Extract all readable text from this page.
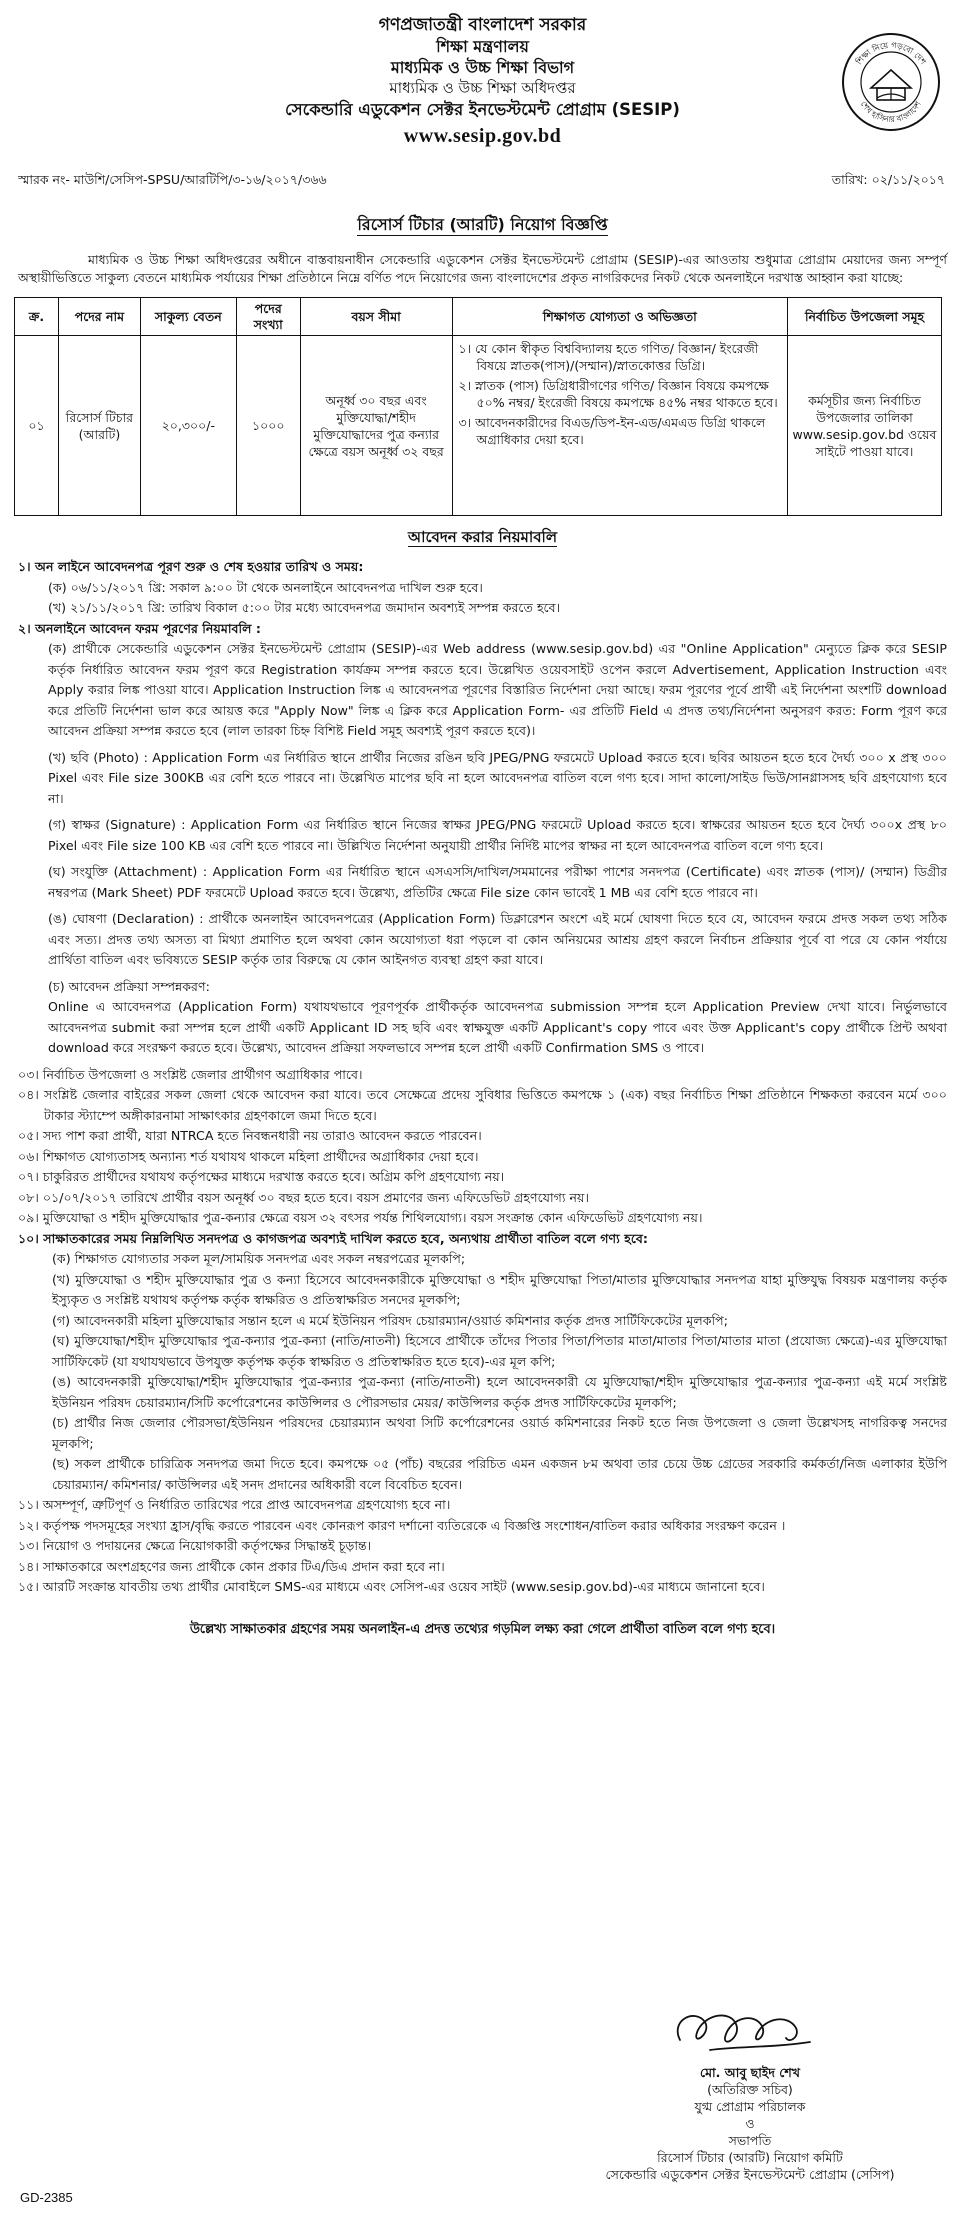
গণপ্রজাতন্ত্রী বাংলাদেশ সরকার
শিক্ষা মন্ত্রণালয়
মাধ্যমিক ও উচ্চ শিক্ষা বিভাগ
মাধ্যমিক ও উচ্চ শিক্ষা অধিদপ্তর
সেকেন্ডারি এডুকেশন সেক্টর ইনভেস্টমেন্ট প্রোগ্রাম (SESIP)
www.sesip.gov.bd
শিক্ষা নিয়ে গড়বো দেশ
শেখ হাসিনার বাংলাদেশ
স্মারক নং- মাউশি/সেসিপ-SPSU/আরটিপি/৩-১৬/২০১৭/৩৬৬	তারিখ: ০২/১১/২০১৭
রিসোর্স টিচার (আরটি) নিয়োগ বিজ্ঞপ্তি

মাধ্যমিক ও উচ্চ শিক্ষা অধিদপ্তরের অধীনে বাস্তবায়নাধীন সেকেন্ডারি এডুকেশন সেক্টর ইনভেস্টমেন্ট প্রোগ্রাম (SESIP)-এর আওতায় শুধুমাত্র প্রোগ্রাম মেয়াদের জন্য সম্পূর্ণ অস্থায়ীভিত্তিতে সাকুল্য বেতনে মাধ্যমিক পর্যায়ের শিক্ষা প্রতিষ্ঠানে নিম্নে বর্ণিত পদে নিয়োগের জন্য বাংলাদেশের প্রকৃত নাগরিকদের নিকট থেকে অনলাইনে দরখাস্ত আহ্বান করা যাচ্ছে:

ক্র.	পদের নাম	সাকুল্য বেতন	পদের সংখ্যা	বয়স সীমা	শিক্ষাগত যোগ্যতা ও অভিজ্ঞতা	নির্বাচিত উপজেলা সমূহ
০১	রিসোর্স টিচার (আরটি)	২০,৩০০/-	১০০০	অনূর্ধ্ব ৩০ বছর এবং মুক্তিযোদ্ধা/শহীদ মুক্তিযোদ্ধাদের পুত্র কন্যার ক্ষেত্রে বয়স অনূর্ধ্ব ৩২ বছর	১। যে কোন স্বীকৃত বিশ্ববিদ্যালয় হতে গণিত/ বিজ্ঞান/ ইংরেজী বিষয়ে স্নাতক(পাস)/(সম্মান)/স্নাতকোত্তর ডিগ্রি।
২। স্নাতক (পাস) ডিগ্রিধারীগণের গণিত/ বিজ্ঞান বিষয়ে কমপক্ষে ৫০% নম্বর/ ইংরেজী বিষয়ে কমপক্ষে ৪৫% নম্বর থাকতে হবে।
৩। আবেদনকারীদের বিএড/ডিপ-ইন-এড/এমএড ডিগ্রি থাকলে অগ্রাধিকার দেয়া হবে।	কর্মসূচীর জন্য নির্বাচিত উপজেলার তালিকা www.sesip.gov.bd ওয়েব সাইটে পাওয়া যাবে।
আবেদন করার নিয়মাবলি
১। অন লাইনে আবেদনপত্র পূরণ শুরু ও শেষ হওয়ার তারিখ ও সময়:
(ক) ০৬/১১/২০১৭ খ্রি: সকাল ৯:০০ টা থেকে অনলাইনে আবেদনপত্র দাখিল শুরু হবে।
(খ) ২১/১১/২০১৭ খ্রি: তারিখ বিকাল ৫:০০ টার মধ্যে আবেদনপত্র জমাদান অবশ্যই সম্পন্ন করতে হবে।
২। অনলাইনে আবেদন ফরম পূরণের নিয়মাবলি :
(ক) প্রার্থীকে সেকেন্ডারি এডুকেশন সেক্টর ইনভেস্টমেন্ট প্রোগ্রাম (SESIP)-এর Web address (www.sesip.gov.bd) এর "Online Application" মেন্যুতে ক্লিক করে SESIP কর্তৃক নির্ধারিত আবেদন ফরম পূরণ করে Registration কার্যক্রম সম্পন্ন করতে হবে। উল্লেখিত ওয়েবসাইট ওপেন করলে Advertisement, Application Instruction এবং Apply করার লিঙ্ক পাওয়া যাবে। Application Instruction লিঙ্ক এ আবেদনপত্র পূরণের বিস্তারিত নির্দেশনা দেয়া আছে। ফরম পূরণের পূর্বে প্রার্থী এই নির্দেশনা অংশটি download করে প্রতিটি নির্দেশনা ভাল করে আয়ত্ত করে "Apply Now" লিঙ্ক এ ক্লিক করে Application Form- এর প্রতিটি Field এ প্রদত্ত তথ্য/নির্দেশনা অনুসরণ করত: Form পূরণ করে আবেদন প্রক্রিয়া সম্পন্ন করতে হবে (লাল তারকা চিহ্ন বিশিষ্ট Field সমূহ অবশ্যই পূরণ করতে হবে)।
(খ) ছবি (Photo) : Application Form এর নির্ধারিত স্থানে প্রার্থীর নিজের রঙিন ছবি JPEG/PNG ফরমেটে Upload করতে হবে। ছবির আয়তন হতে হবে দৈর্ঘ্য ৩০০ x প্রস্থ ৩০০ Pixel এবং File size 300KB এর বেশি হতে পারবে না। উল্লেখিত মাপের ছবি না হলে আবেদনপত্র বাতিল বলে গণ্য হবে। সাদা কালো/সাইড ভিউ/সানগ্লাসসহ ছবি গ্রহণযোগ্য হবে না।
(গ) স্বাক্ষর (Signature) : Application Form এর নির্ধারিত স্থানে নিজের স্বাক্ষর JPEG/PNG ফরমেটে Upload করতে হবে। স্বাক্ষরের আয়তন হতে হবে দৈর্ঘ্য ৩০০x প্রস্থ ৮০ Pixel এবং File size 100 KB এর বেশি হতে পারবে না। উল্লিখিত নির্দেশনা অনুযায়ী প্রার্থীর নির্দিষ্ট মাপের স্বাক্ষর না হলে আবেদনপত্র বাতিল বলে গণ্য হবে।
(ঘ) সংযুক্তি (Attachment) : Application Form এর নির্ধারিত স্থানে এসএসসি/দাখিল/সমমানের পরীক্ষা পাশের সনদপত্র (Certificate) এবং স্নাতক (পাস)/ (সম্মান) ডিগ্রীর নম্বরপত্র (Mark Sheet) PDF ফরমেটে Upload করতে হবে। উল্লেখ্য, প্রতিটির ক্ষেত্রে File size কোন ভাবেই 1 MB এর বেশি হতে পারবে না।
(ঙ) ঘোষণা (Declaration) : প্রার্থীকে অনলাইন আবেদনপত্রের (Application Form) ডিক্লারেশন অংশে এই মর্মে ঘোষণা দিতে হবে যে, আবেদন ফরমে প্রদত্ত সকল তথ্য সঠিক এবং সত্য। প্রদত্ত তথ্য অসত্য বা মিথ্যা প্রমাণিত হলে অথবা কোন অযোগ্যতা ধরা পড়লে বা কোন অনিয়মের আশ্রয় গ্রহণ করলে নির্বাচন প্রক্রিয়ার পূর্বে বা পরে যে কোন পর্যায়ে প্রার্থিতা বাতিল এবং ভবিষ্যতে SESIP কর্তৃক তার বিরুদ্ধে যে কোন আইনগত ব্যবস্থা গ্রহণ করা যাবে।
(চ) আবেদন প্রক্রিয়া সম্পন্নকরণ:
Online এ আবেদনপত্র (Application Form) যথাযথভাবে পূরণপূর্বক প্রার্থীকর্তৃক আবেদনপত্র submission সম্পন্ন হলে Application Preview দেখা যাবে। নির্ভুলভাবে আবেদনপত্র submit করা সম্পন্ন হলে প্রার্থী একটি Applicant ID সহ ছবি এবং স্বাক্ষযুক্ত একটি Applicant's copy পাবে এবং উক্ত Applicant's copy প্রার্থীকে প্রিন্ট অথবা download করে সংরক্ষণ করতে হবে। উল্লেখ্য, আবেদন প্রক্রিয়া সফলভাবে সম্পন্ন হলে প্রার্থী একটি Confirmation SMS ও পাবে।
০৩। নির্বাচিত উপজেলা ও সংশ্লিষ্ট জেলার প্রার্থীগণ অগ্রাধিকার পাবে।
০৪। সংশ্লিষ্ট জেলার বাইরের সকল জেলা থেকে আবেদন করা যাবে। তবে সেক্ষেত্রে প্রদেয় সুবিধার ভিত্তিতে কমপক্ষে ১ (এক) বছর নির্বাচিত শিক্ষা প্রতিষ্ঠানে শিক্ষকতা করবেন মর্মে ৩০০ টাকার স্ট্যাম্পে অঙ্গীকারনামা সাক্ষাৎকার গ্রহণকালে জমা দিতে হবে।
০৫। সদ্য পাশ করা প্রার্থী, যারা NTRCA হতে নিবন্ধনধারী নয় তারাও আবেদন করতে পারবেন।
০৬। শিক্ষাগত যোগ্যতাসহ অন্যান্য শর্ত যথাযথ থাকলে মহিলা প্রার্থীদের অগ্রাধিকার দেয়া হবে।
০৭। চাকুরিরত প্রার্থীদের যথাযথ কর্তৃপক্ষের মাধ্যমে দরখাস্ত করতে হবে। অগ্রিম কপি গ্রহণযোগ্য নয়।
০৮। ০১/০৭/২০১৭ তারিখে প্রার্থীর বয়স অনূর্ধ্ব ৩০ বছর হতে হবে। বয়স প্রমাণের জন্য এফিডেভিট গ্রহণযোগ্য নয়।
০৯। মুক্তিযোদ্ধা ও শহীদ মুক্তিযোদ্ধার পুত্র-কন্যার ক্ষেত্রে বয়স ৩২ বৎসর পর্যন্ত শিথিলযোগ্য। বয়স সংক্রান্ত কোন এফিডেভিট গ্রহণযোগ্য নয়।
১০। সাক্ষাতকারের সময় নিম্নলিখিত সনদপত্র ও কাগজপত্র অবশ্যই দাখিল করতে হবে, অন্যথায় প্রার্থীতা বাতিল বলে গণ্য হবে:
(ক) শিক্ষাগত যোগ্যতার সকল মূল/সাময়িক সনদপত্র এবং সকল নম্বরপত্রের মূলকপি;
(খ) মুক্তিযোদ্ধা ও শহীদ মুক্তিযোদ্ধার পুত্র ও কন্যা হিসেবে আবেদনকারীকে মুক্তিযোদ্ধা ও শহীদ মুক্তিযোদ্ধা পিতা/মাতার মুক্তিযোদ্ধার সনদপত্র যাহা মুক্তিযুদ্ধ বিষয়ক মন্ত্রণালয় কর্তৃক ইস্যুকৃত ও সংশ্লিষ্ট যথাযথ কর্তৃপক্ষ কর্তৃক স্বাক্ষরিত ও প্রতিস্বাক্ষরিত সনদের মূলকপি;
(গ) আবেদনকারী মহিলা মুক্তিযোদ্ধার সন্তান হলে এ মর্মে ইউনিয়ন পরিষদ চেয়ারম্যান/ওয়ার্ড কমিশনার কর্তৃক প্রদত্ত সার্টিফিকেটের মূলকপি;
(ঘ) মুক্তিযোদ্ধা/শহীদ মুক্তিযোদ্ধার পুত্র-কন্যার পুত্র-কন্যা (নাতি/নাতনী) হিসেবে প্রার্থীকে তাঁদের পিতার পিতা/পিতার মাতা/মাতার পিতা/মাতার মাতা (প্রযোজ্য ক্ষেত্রে)-এর মুক্তিযোদ্ধা সার্টিফিকেট (যা যথাযথভাবে উপযুক্ত কর্তৃপক্ষ কর্তৃক স্বাক্ষরিত ও প্রতিস্বাক্ষরিত হতে হবে)-এর মূল কপি;
(ঙ) আবেদনকারী মুক্তিযোদ্ধা/শহীদ মুক্তিযোদ্ধার পুত্র-কন্যার পুত্র-কন্যা (নাতি/নাতনী) হলে আবেদনকারী যে মুক্তিযোদ্ধা/শহীদ মুক্তিযোদ্ধার পুত্র-কন্যার পুত্র-কন্যা এই মর্মে সংশ্লিষ্ট ইউনিয়ন পরিষদ চেয়ারম্যান/সিটি কর্পোরেশনের কাউন্সিলর ও পৌরসভার মেয়র/ কাউন্সিলর কর্তৃক প্রদত্ত সার্টিফিকেটের মূলকপি;
(চ) প্রার্থীর নিজ জেলার পৌরসভা/ইউনিয়ন পরিষদের চেয়ারম্যান অথবা সিটি কর্পোরেশনের ওয়ার্ড কমিশনারের নিকট হতে নিজ উপজেলা ও জেলা উল্লেখসহ নাগরিকত্ব সনদের মূলকপি;
(ছ) সকল প্রার্থীকে চারিত্রিক সনদপত্র জমা দিতে হবে। কমপক্ষে ০৫ (পাঁচ) বছরের পরিচিত এমন একজন ৮ম অথবা তার চেয়ে উচ্চ গ্রেডের সরকারি কর্মকর্তা/নিজ এলাকার ইউপি চেয়ারম্যান/ কমিশনার/ কাউন্সিলর এই সনদ প্রদানের অধিকারী বলে বিবেচিত হবেন।
১১। অসম্পূর্ণ, ত্রুটিপূর্ণ ও নির্ধারিত তারিখের পরে প্রাপ্ত আবেদনপত্র গ্রহণযোগ্য হবে না।
১২। কর্তৃপক্ষ পদসমূহের সংখ্যা হ্রাস/বৃদ্ধি করতে পারবেন এবং কোনরূপ কারণ দর্শানো ব্যতিরেকে এ বিজ্ঞপ্তি সংশোধন/বাতিল করার অধিকার সংরক্ষণ করেন ।
১৩। নিয়োগ ও পদায়নের ক্ষেত্রে নিয়োগকারী কর্তৃপক্ষের সিদ্ধান্তই চূড়ান্ত।
১৪। সাক্ষাতকারে অংশগ্রহণের জন্য প্রার্থীকে কোন প্রকার টিএ/ডিএ প্রদান করা হবে না।
১৫। আরটি সংক্রান্ত যাবতীয় তথ্য প্রার্থীর মোবাইলে SMS-এর মাধ্যমে এবং সেসিপ-এর ওয়েব সাইট (www.sesip.gov.bd)-এর মাধ্যমে জানানো হবে।
উল্লেখ্য সাক্ষাতকার গ্রহণের সময় অনলাইন-এ প্রদত্ত তথ্যের গড়মিল লক্ষ্য করা গেলে প্রার্থীতা বাতিল বলে গণ্য হবে।
মো. আবু ছাইদ শেখ
(অতিরিক্ত সচিব)
যুগ্ম প্রোগ্রাম পরিচালক
ও
সভাপতি
রিসোর্স টিচার (আরটি) নিয়োগ কমিটি
সেকেন্ডারি এডুকেশন সেক্টর ইনভেস্টমেন্ট প্রোগ্রাম (সেসিপ)
GD-2385
